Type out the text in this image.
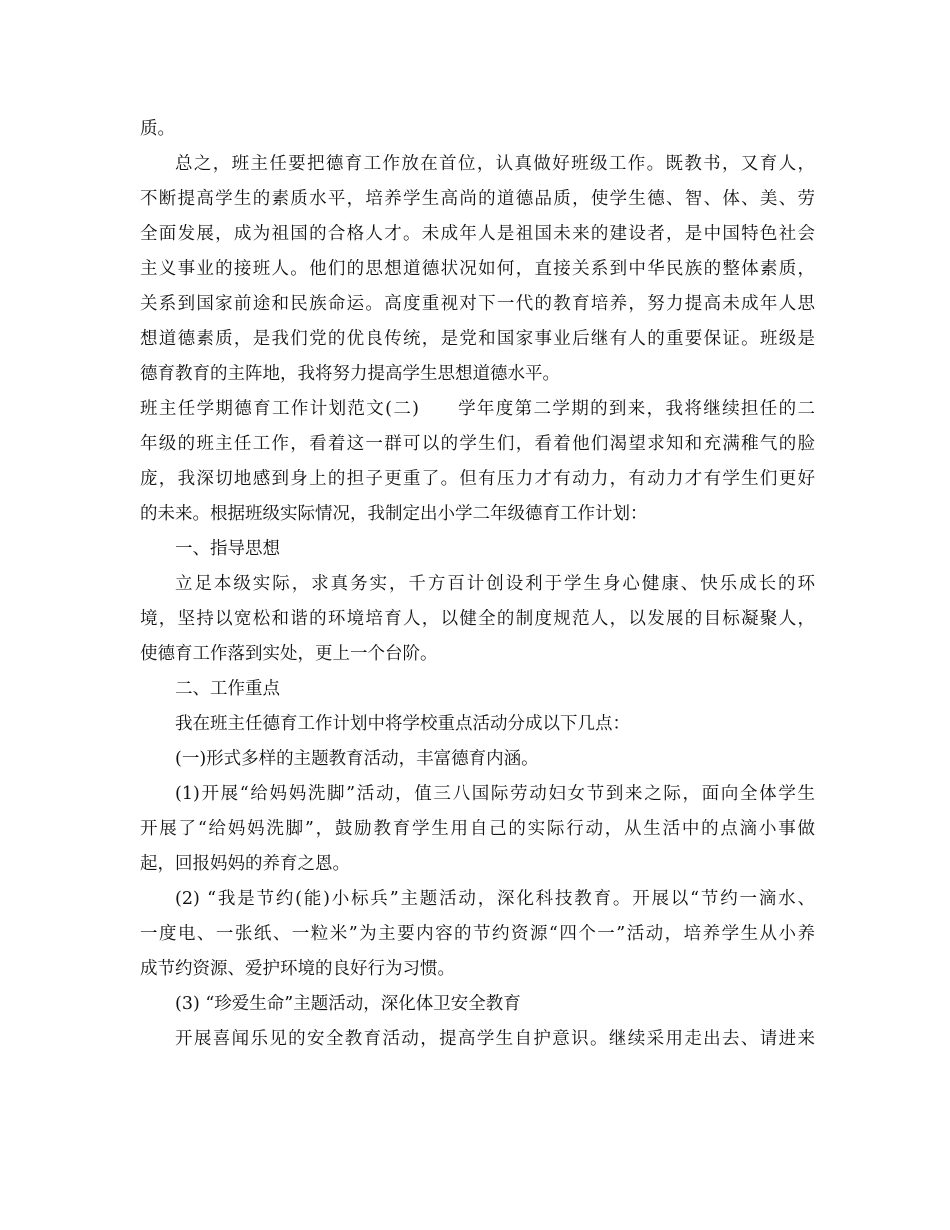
质。
总之，班主任要把德育工作放在首位，认真做好班级工作。既教书，又育人，
不断提高学生的素质水平，培养学生高尚的道德品质，使学生德、智、体、美、劳
全面发展，成为祖国的合格人才。未成年人是祖国未来的建设者，是中国特色社会
主义事业的接班人。他们的思想道德状况如何，直接关系到中华民族的整体素质，
关系到国家前途和民族命运。高度重视对下一代的教育培养，努力提高未成年人思
想道德素质，是我们党的优良传统，是党和国家事业后继有人的重要保证。班级是
德育教育的主阵地，我将努力提高学生思想道德水平。
班主任学期德育工作计划范文(二)　　学年度第二学期的到来，我将继续担任的二
年级的班主任工作，看着这一群可以的学生们，看着他们渴望求知和充满稚气的脸
庞，我深切地感到身上的担子更重了。但有压力才有动力，有动力才有学生们更好
的未来。根据班级实际情况，我制定出小学二年级德育工作计划：
一、指导思想
立足本级实际，求真务实，千方百计创设利于学生身心健康、快乐成长的环
境，坚持以宽松和谐的环境培育人，以健全的制度规范人，以发展的目标凝聚人，
使德育工作落到实处，更上一个台阶。
二、工作重点
我在班主任德育工作计划中将学校重点活动分成以下几点：
(一)形式多样的主题教育活动，丰富德育内涵。
(1)开展“给妈妈洗脚”活动，值三八国际劳动妇女节到来之际，面向全体学生
开展了“给妈妈洗脚”，鼓励教育学生用自己的实际行动，从生活中的点滴小事做
起，回报妈妈的养育之恩。
(2) “我是节约(能)小标兵”主题活动，深化科技教育。开展以“节约一滴水、
一度电、一张纸、一粒米”为主要内容的节约资源“四个一”活动，培养学生从小养
成节约资源、爱护环境的良好行为习惯。
(3) “珍爱生命”主题活动，深化体卫安全教育
开展喜闻乐见的安全教育活动，提高学生自护意识。继续采用走出去、请进来
